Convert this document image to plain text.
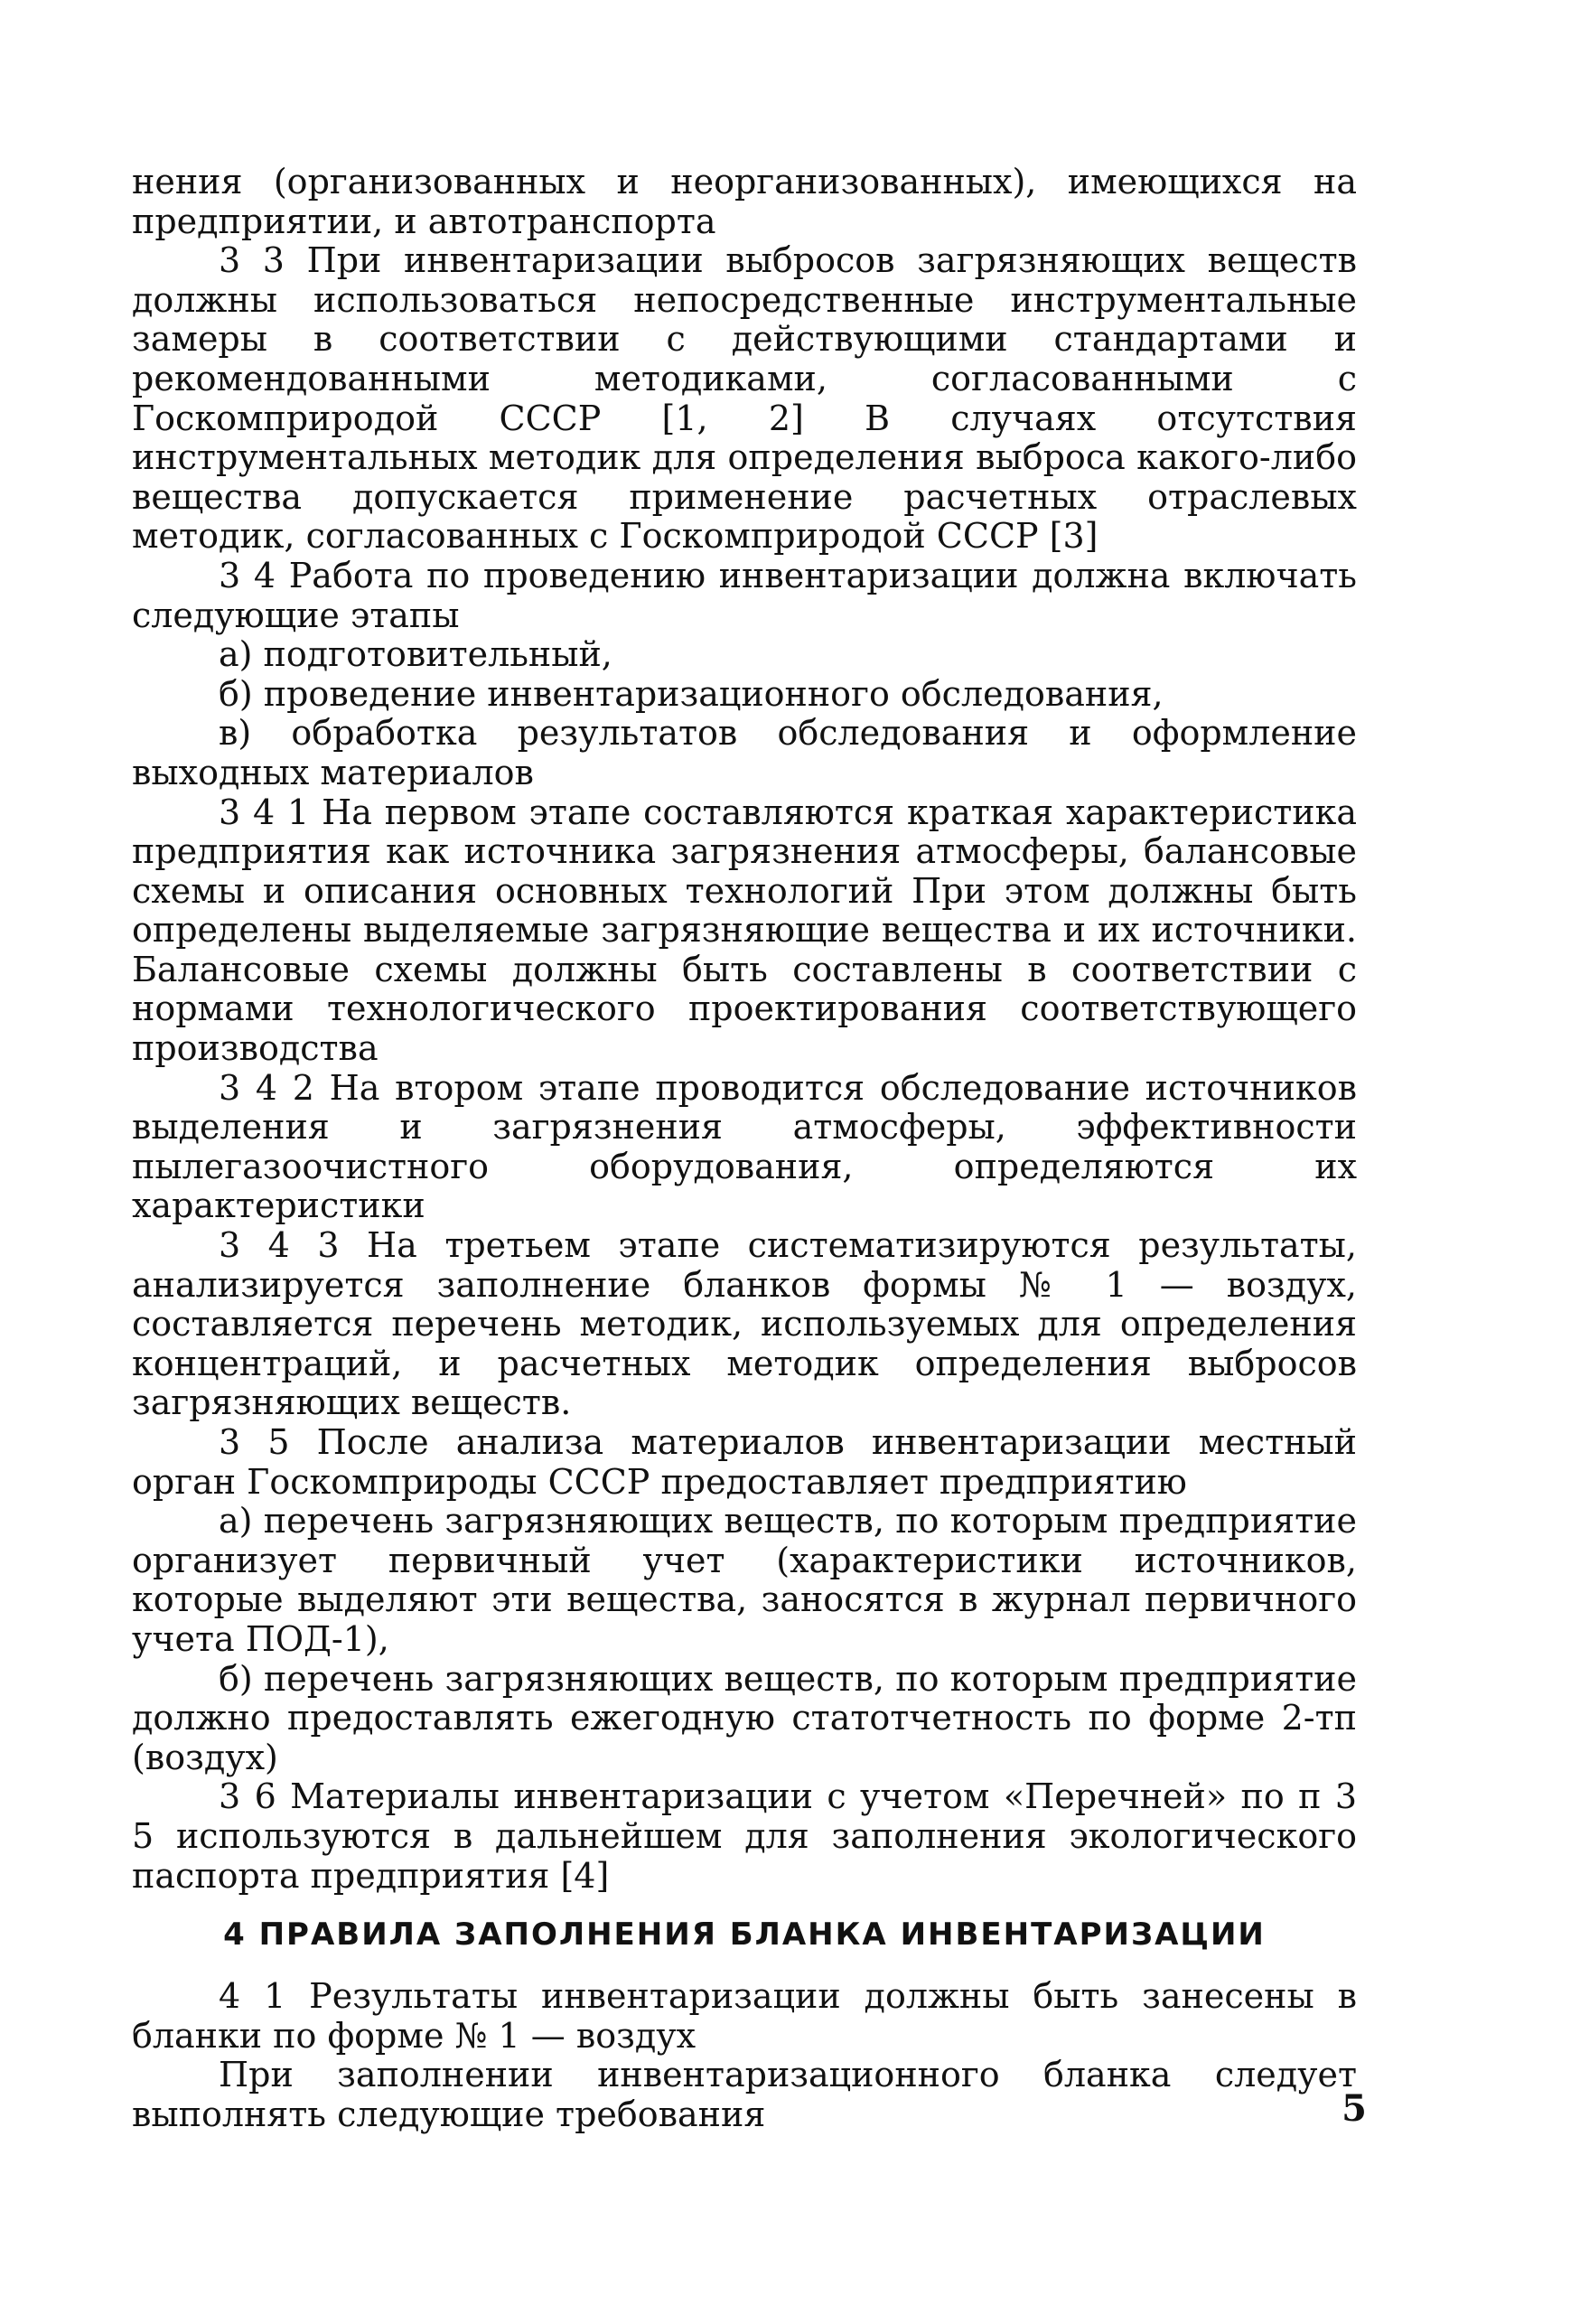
нения (организованных и неорганизованных), имеющихся на предприятии, и автотранспорта

3 3 При инвентаризации выбросов загрязняющих веществ должны использоваться непосредственные инструментальные замеры в соответствии с действующими стандартами и рекомендованными методиками, согласованными с Госкомприродой СССР [1, 2] В случаях отсутствия инструментальных методик для определения выброса какого-либо вещества допускается применение расчетных отраслевых методик, согласованных с Госкомприродой СССР [3]

3 4 Работа по проведению инвентаризации должна включать следующие этапы

а) подготовительный,

б) проведение инвентаризационного обследования,

в) обработка результатов обследования и оформление выходных материалов

3 4 1 На первом этапе составляются краткая характеристика предприятия как источника загрязнения атмосферы, балансовые схемы и описания основных технологий При этом должны быть определены выделяемые загрязняющие вещества и их источники. Балансовые схемы должны быть составлены в соответствии с нормами технологического проектирования соответствующего производства

3 4 2 На втором этапе проводится обследование источников выделения и загрязнения атмосферы, эффективности пылегазоочистного оборудования, определяются их характеристики

3 4 3 На третьем этапе систематизируются результаты, анализируется заполнение бланков формы № 1 — воздух, составляется перечень методик, используемых для определения концентраций, и расчетных методик определения выбросов загрязняющих веществ.

3 5 После анализа материалов инвентаризации местный орган Госкомприроды СССР предоставляет предприятию

а) перечень загрязняющих веществ, по которым предприятие организует первичный учет (характеристики источников, которые выделяют эти вещества, заносятся в журнал первичного учета ПОД-1),

б) перечень загрязняющих веществ, по которым предприятие должно предоставлять ежегодную статотчетность по форме 2-тп (воздух)

3 6 Материалы инвентаризации с учетом «Перечней» по п 3 5 используются в дальнейшем для заполнения экологического паспорта предприятия [4]

4 ПРАВИЛА ЗАПОЛНЕНИЯ БЛАНКА ИНВЕНТАРИЗАЦИИ

4 1 Результаты инвентаризации должны быть занесены в бланки по форме № 1 — воздух

При заполнении инвентаризационного бланка следует выполнять следующие требования	5
